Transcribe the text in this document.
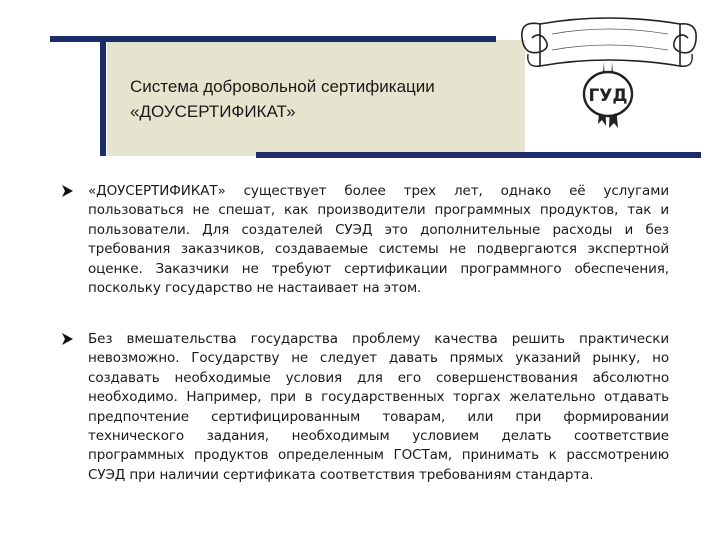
Система добровольной сертификации
«ДОУСЕРТИФИКАТ»
ГУД

«ДОУСЕРТИФИКАТ» существует более трех лет, однако её услугами пользоваться не спешат, как производители программных продуктов, так и пользователи. Для создателей СУЭД это дополнительные расходы и без требования заказчиков, создаваемые системы не подвергаются экспертной оценке. Заказчики не требуют сертификации программного обеспечения, поскольку государство не настаивает на этом.

Без вмешательства государства проблему качества решить практически невозможно. Государству не следует давать прямых указаний рынку, но создавать необходимые условия для его совершенствования абсолютно необходимо. Например, при в государственных торгах желательно отдавать предпочтение сертифицированным товарам, или при формировании технического задания, необходимым условием делать соответствие программных продуктов определенным ГОСТам, принимать к рассмотрению СУЭД при наличии сертификата соответствия требованиям стандарта.
